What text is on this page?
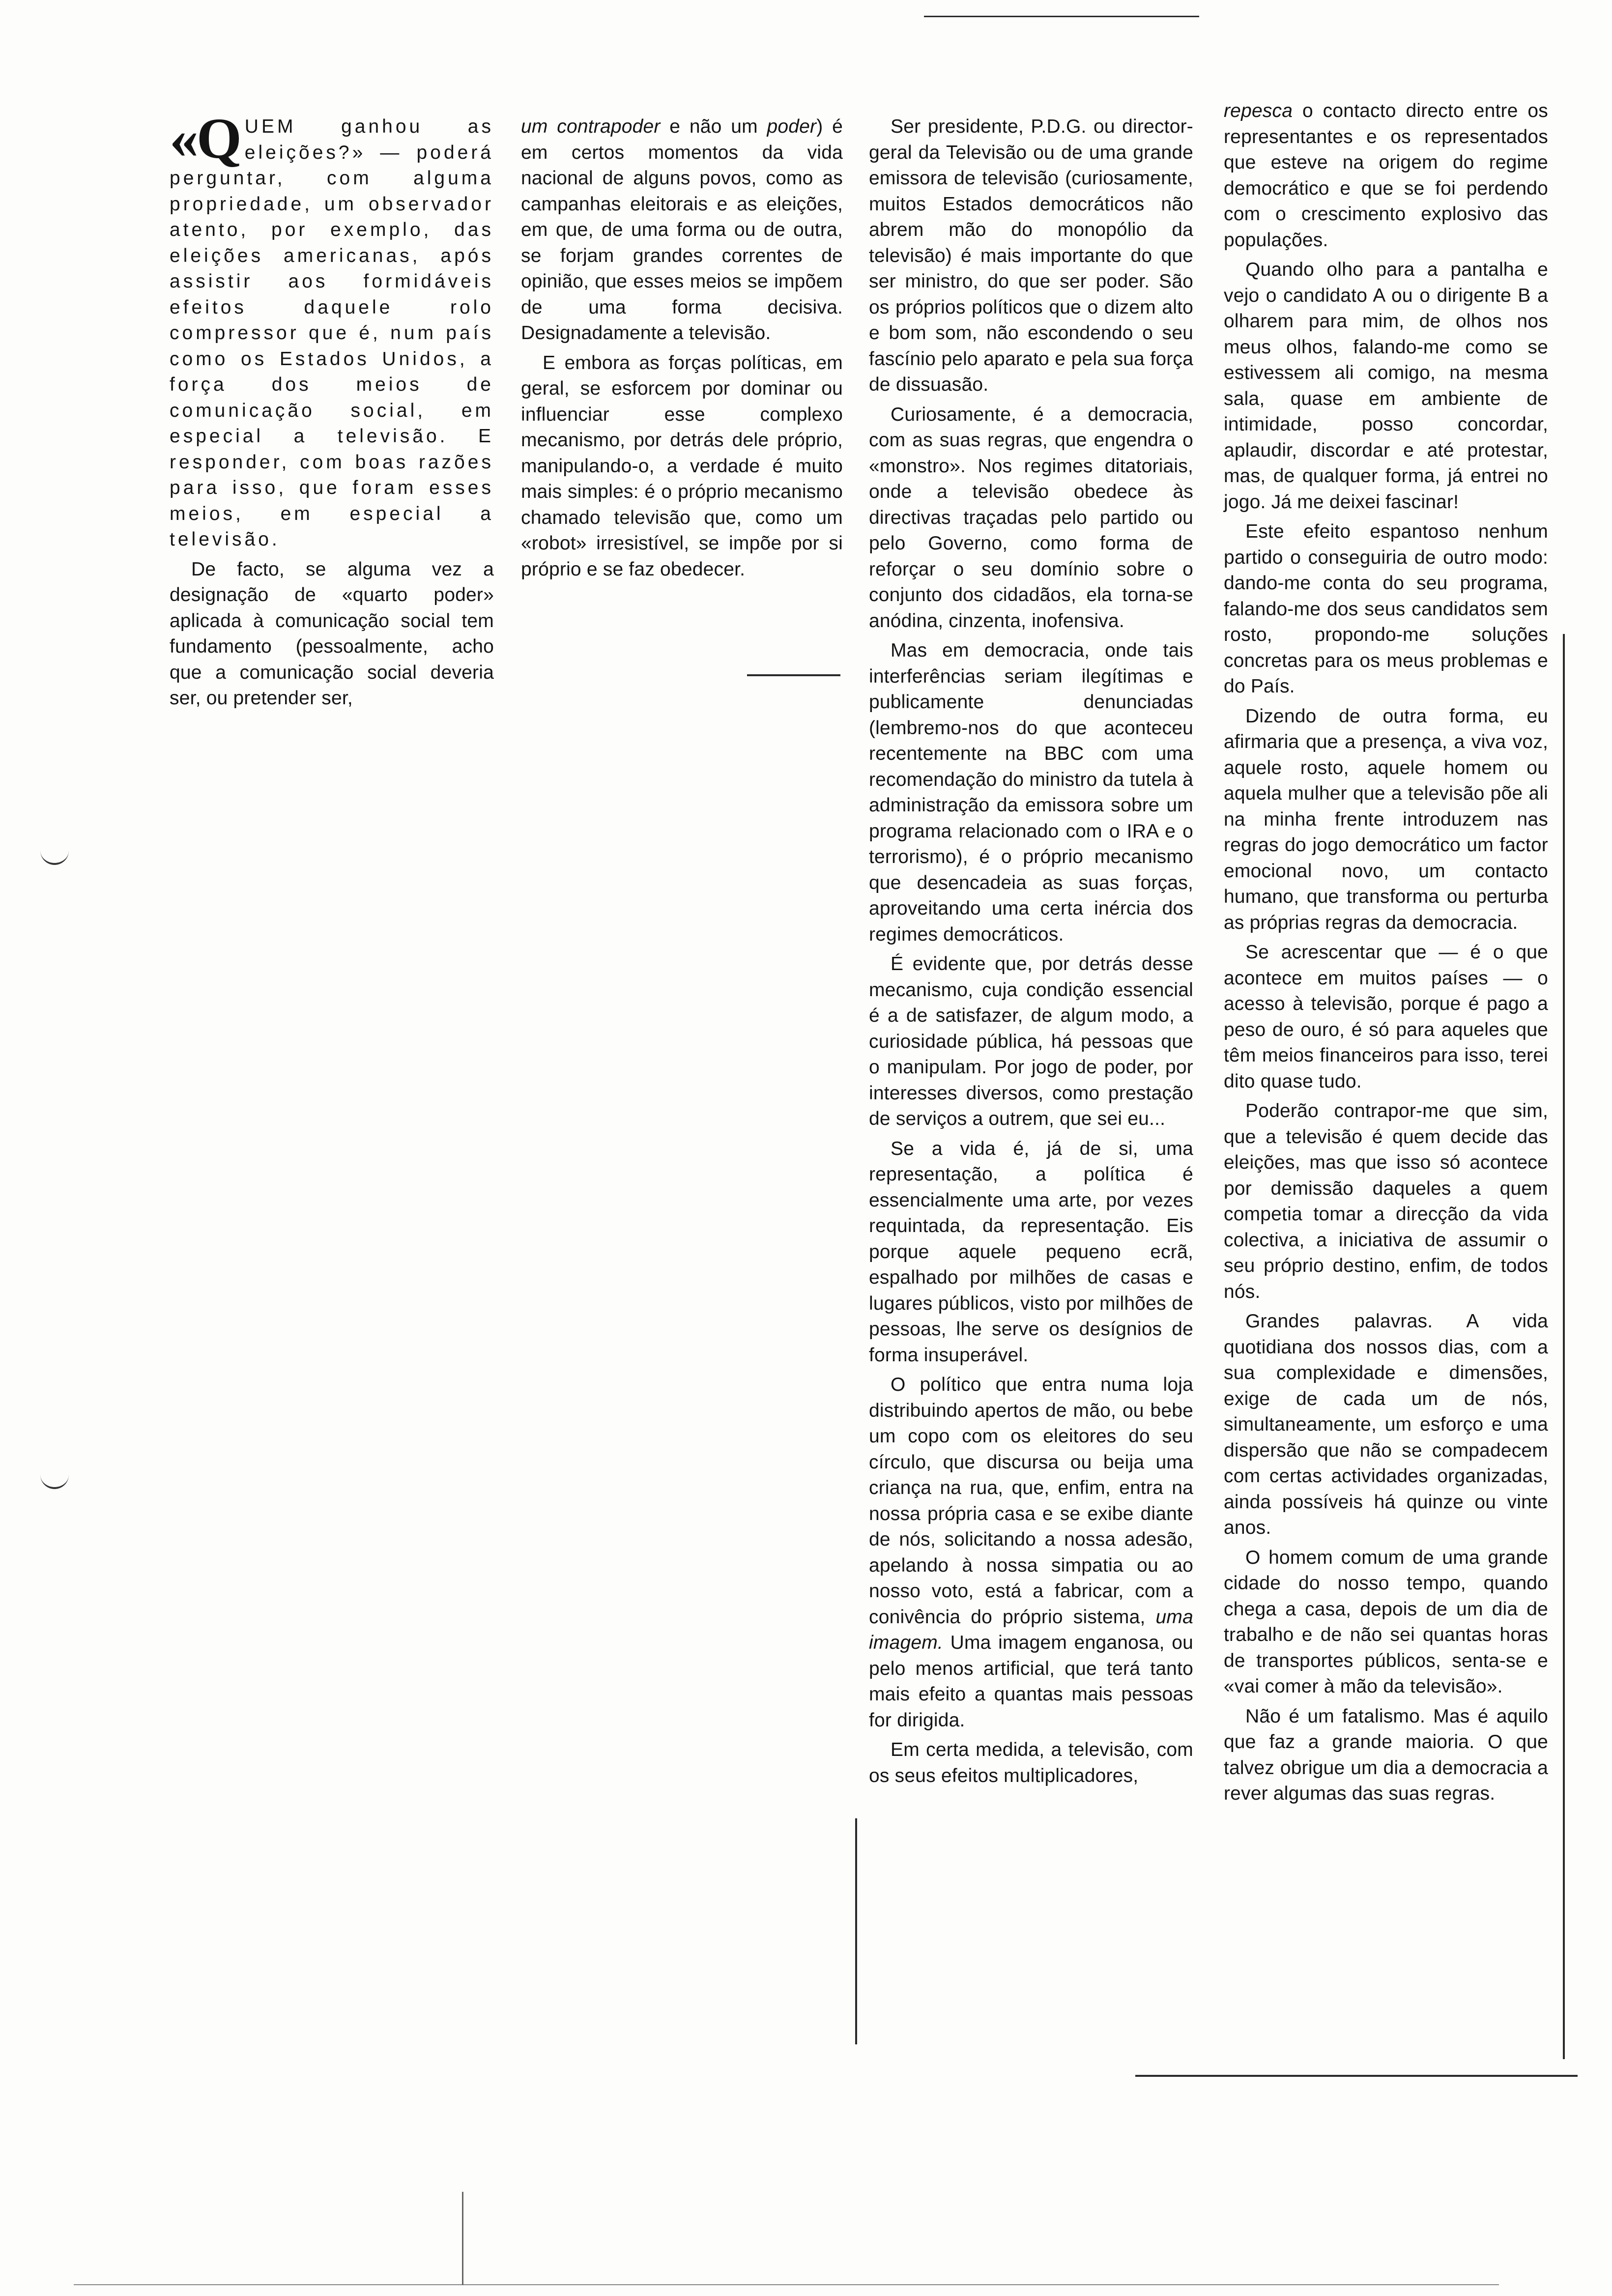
«QUEM ganhou as eleições?» — poderá perguntar, com alguma propriedade, um observador atento, por exemplo, das eleições americanas, após assistir aos formidáveis efeitos daquele rolo compressor que é, num país como os Estados Unidos, a força dos meios de comunicação social, em especial a televisão. E responder, com boas razões para isso, que foram esses meios, em especial a televisão.

De facto, se alguma vez a designação de «quarto poder» aplicada à comunicação social tem fundamento (pessoalmente, acho que a comunicação social deveria ser, ou pretender ser,

um contrapoder e não um poder) é em certos momentos da vida nacional de alguns povos, como as campanhas eleitorais e as eleições, em que, de uma forma ou de outra, se forjam grandes correntes de opinião, que esses meios se impõem de uma forma decisiva. Designadamente a televisão.

E embora as forças políticas, em geral, se esforcem por dominar ou influenciar esse complexo mecanismo, por detrás dele próprio, manipulando-o, a verdade é muito mais simples: é o próprio mecanismo chamado televisão que, como um «robot» irresistível, se impõe por si próprio e se faz obedecer.

Ser presidente, P.D.G. ou director-geral da Televisão ou de uma grande emissora de televisão (curiosamente, muitos Estados democráticos não abrem mão do monopólio da televisão) é mais importante do que ser ministro, do que ser poder. São os próprios políticos que o dizem alto e bom som, não escondendo o seu fascínio pelo aparato e pela sua força de dissuasão.

Curiosamente, é a democracia, com as suas regras, que engendra o «monstro». Nos regimes ditatoriais, onde a televisão obedece às directivas traçadas pelo partido ou pelo Governo, como forma de reforçar o seu domínio sobre o conjunto dos cidadãos, ela torna-se anódina, cinzenta, inofensiva.

Mas em democracia, onde tais interferências seriam ilegítimas e publicamente denunciadas (lembremo-nos do que aconteceu recentemente na BBC com uma recomendação do ministro da tutela à administração da emissora sobre um programa relacionado com o IRA e o terrorismo), é o próprio mecanismo que desencadeia as suas forças, aproveitando uma certa inércia dos regimes democráticos.

É evidente que, por detrás desse mecanismo, cuja condição essencial é a de satisfazer, de algum modo, a curiosidade pública, há pessoas que o manipulam. Por jogo de poder, por interesses diversos, como prestação de serviços a outrem, que sei eu...

Se a vida é, já de si, uma representação, a política é essencialmente uma arte, por vezes requintada, da representação. Eis porque aquele pequeno ecrã, espalhado por milhões de casas e lugares públicos, visto por milhões de pessoas, lhe serve os desígnios de forma insuperável.

O político que entra numa loja distribuindo apertos de mão, ou bebe um copo com os eleitores do seu círculo, que discursa ou beija uma criança na rua, que, enfim, entra na nossa própria casa e se exibe diante de nós, solicitando a nossa adesão, apelando à nossa simpatia ou ao nosso voto, está a fabricar, com a conivência do próprio sistema, uma imagem. Uma imagem enganosa, ou pelo menos artificial, que terá tanto mais efeito a quantas mais pessoas for dirigida.

Em certa medida, a televisão, com os seus efeitos multiplicadores,

repesca o contacto directo entre os representantes e os representados que esteve na origem do regime democrático e que se foi perdendo com o crescimento explosivo das populações.

Quando olho para a pantalha e vejo o candidato A ou o dirigente B a olharem para mim, de olhos nos meus olhos, falando-me como se estivessem ali comigo, na mesma sala, quase em ambiente de intimidade, posso concordar, aplaudir, discordar e até protestar, mas, de qualquer forma, já entrei no jogo. Já me deixei fascinar!

Este efeito espantoso nenhum partido o conseguiria de outro modo: dando-me conta do seu programa, falando-me dos seus candidatos sem rosto, propondo-me soluções concretas para os meus problemas e do País.

Dizendo de outra forma, eu afirmaria que a presença, a viva voz, aquele rosto, aquele homem ou aquela mulher que a televisão põe ali na minha frente introduzem nas regras do jogo democrático um factor emocional novo, um contacto humano, que transforma ou perturba as próprias regras da democracia.

Se acrescentar que — é o que acontece em muitos países — o acesso à televisão, porque é pago a peso de ouro, é só para aqueles que têm meios financeiros para isso, terei dito quase tudo.

Poderão contrapor-me que sim, que a televisão é quem decide das eleições, mas que isso só acontece por demissão daqueles a quem competia tomar a direcção da vida colectiva, a iniciativa de assumir o seu próprio destino, enfim, de todos nós.

Grandes palavras. A vida quotidiana dos nossos dias, com a sua complexidade e dimensões, exige de cada um de nós, simultaneamente, um esforço e uma dispersão que não se compadecem com certas actividades organizadas, ainda possíveis há quinze ou vinte anos.

O homem comum de uma grande cidade do nosso tempo, quando chega a casa, depois de um dia de trabalho e de não sei quantas horas de transportes públicos, senta-se e «vai comer à mão da televisão».

Não é um fatalismo. Mas é aquilo que faz a grande maioria. O que talvez obrigue um dia a democracia a rever algumas das suas regras.
